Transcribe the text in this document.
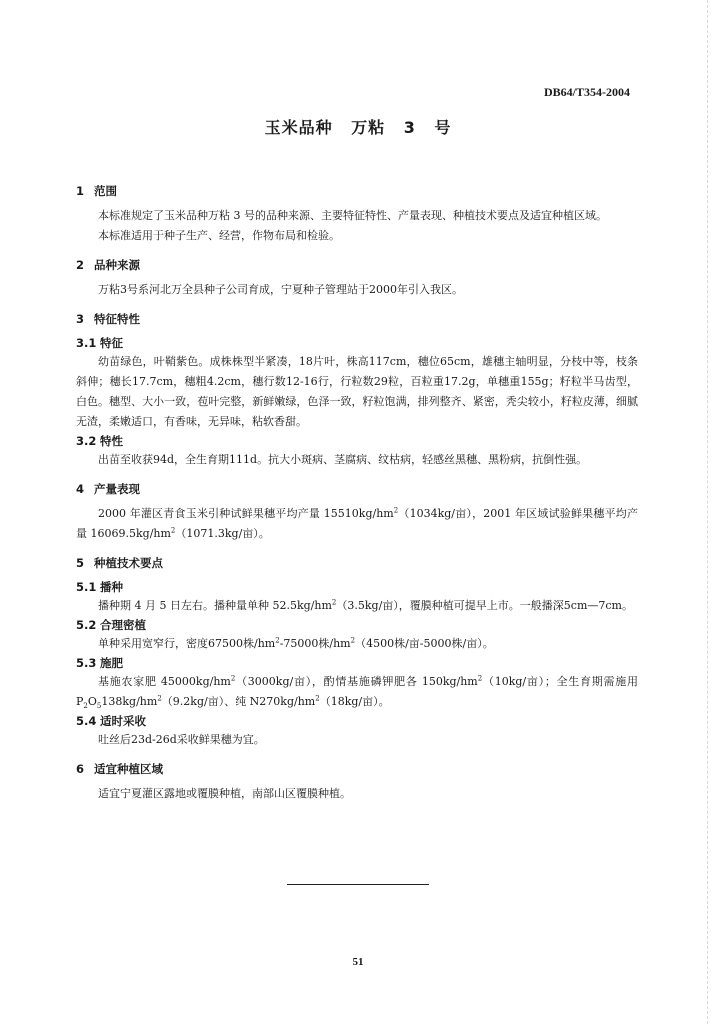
DB64/T354-2004
玉米品种 万粘 3 号
1 范围

本标准规定了玉米品种万粘 3 号的品种来源、主要特征特性、产量表现、种植技术要点及适宜种植区域。

本标准适用于种子生产、经营，作物布局和检验。

2 品种来源

万粘3号系河北万全县种子公司育成，宁夏种子管理站于2000年引入我区。

3 特征特性
3.1 特征

幼苗绿色，叶鞘紫色。成株株型半紧凑，18片叶，株高117cm，穗位65cm，雄穗主轴明显，分枝中等，枝条斜伸；穗长17.7cm，穗粗4.2cm，穗行数12-16行，行粒数29粒，百粒重17.2g，单穗重155g；籽粒半马齿型，白色。穗型、大小一致，苞叶完整，新鲜嫩绿，色泽一致，籽粒饱满，排列整齐、紧密，秃尖较小，籽粒皮薄，细腻无渣，柔嫩适口，有香味，无异味，粘软香甜。

3.2 特性

出苗至收获94d，全生育期111d。抗大小斑病、茎腐病、纹枯病，轻感丝黑穗、黑粉病，抗倒性强。

4 产量表现

2000 年灌区青食玉米引种试鲜果穗平均产量 $15510kg/hm^2(1034kg/$亩），2001 年区域试验鲜果穗平均产量 $16069.5kg/hm^2(1071.3kg/$亩）。

5 种植技术要点
5.1 播种

播种期 4 月 5 日左右。播种量单种 $52.5kg/hm^2(3.5kg/$亩），覆膜种植可提早上市。一般播深5cm—7cm。

5.2 合理密植

单种采用宽窄行，密度67500株$/hm^2-75000$株$/hm^2(4500$株/亩-5000株/亩）。

5.3 施肥

基施农家肥 $45000kg/hm^2(3000kg/$亩），酌情基施磷钾肥各 $150kg/hm^2(10kg/$亩）；全生育期需施用$P_2O_5138kg/hm^2(9.2kg/$亩）、纯 $N270kg/hm^2(18kg/$亩）。

5.4 适时采收

吐丝后23d-26d采收鲜果穗为宜。

6 适宜种植区域

适宜宁夏灌区露地或覆膜种植，南部山区覆膜种植。

51
